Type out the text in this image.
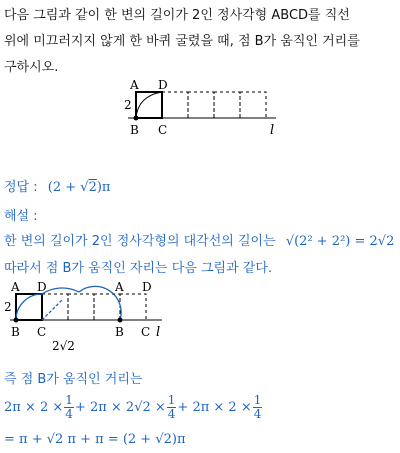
다음 그림과 같이 한 변의 길이가 2인 정사각형 ABCD를 직선
위에 미끄러지지 않게 한 바퀴 굴렸을 때, 점 B가 움직인 거리를
구하시오.
A D
2
B C	l
정답 : (2 + √2)π
해설 :
한 변의 길이가 2인 정사각형의 대각선의 길이는 √(2² + 2²) = 2√2
따라서 점 B가 움직인 자리는 다음 그림과 같다.
A D	A D
2
B C	B C l
2√2
즉 점 B가 움직인 거리는
$2\pi \times 2 \times \frac{1}{4} + 2\pi \times 2√2 \times \frac{1}{4} + 2\pi \times 2 \times \frac{1}{4}$
= π + √2 π + π = (2 + √2)π
